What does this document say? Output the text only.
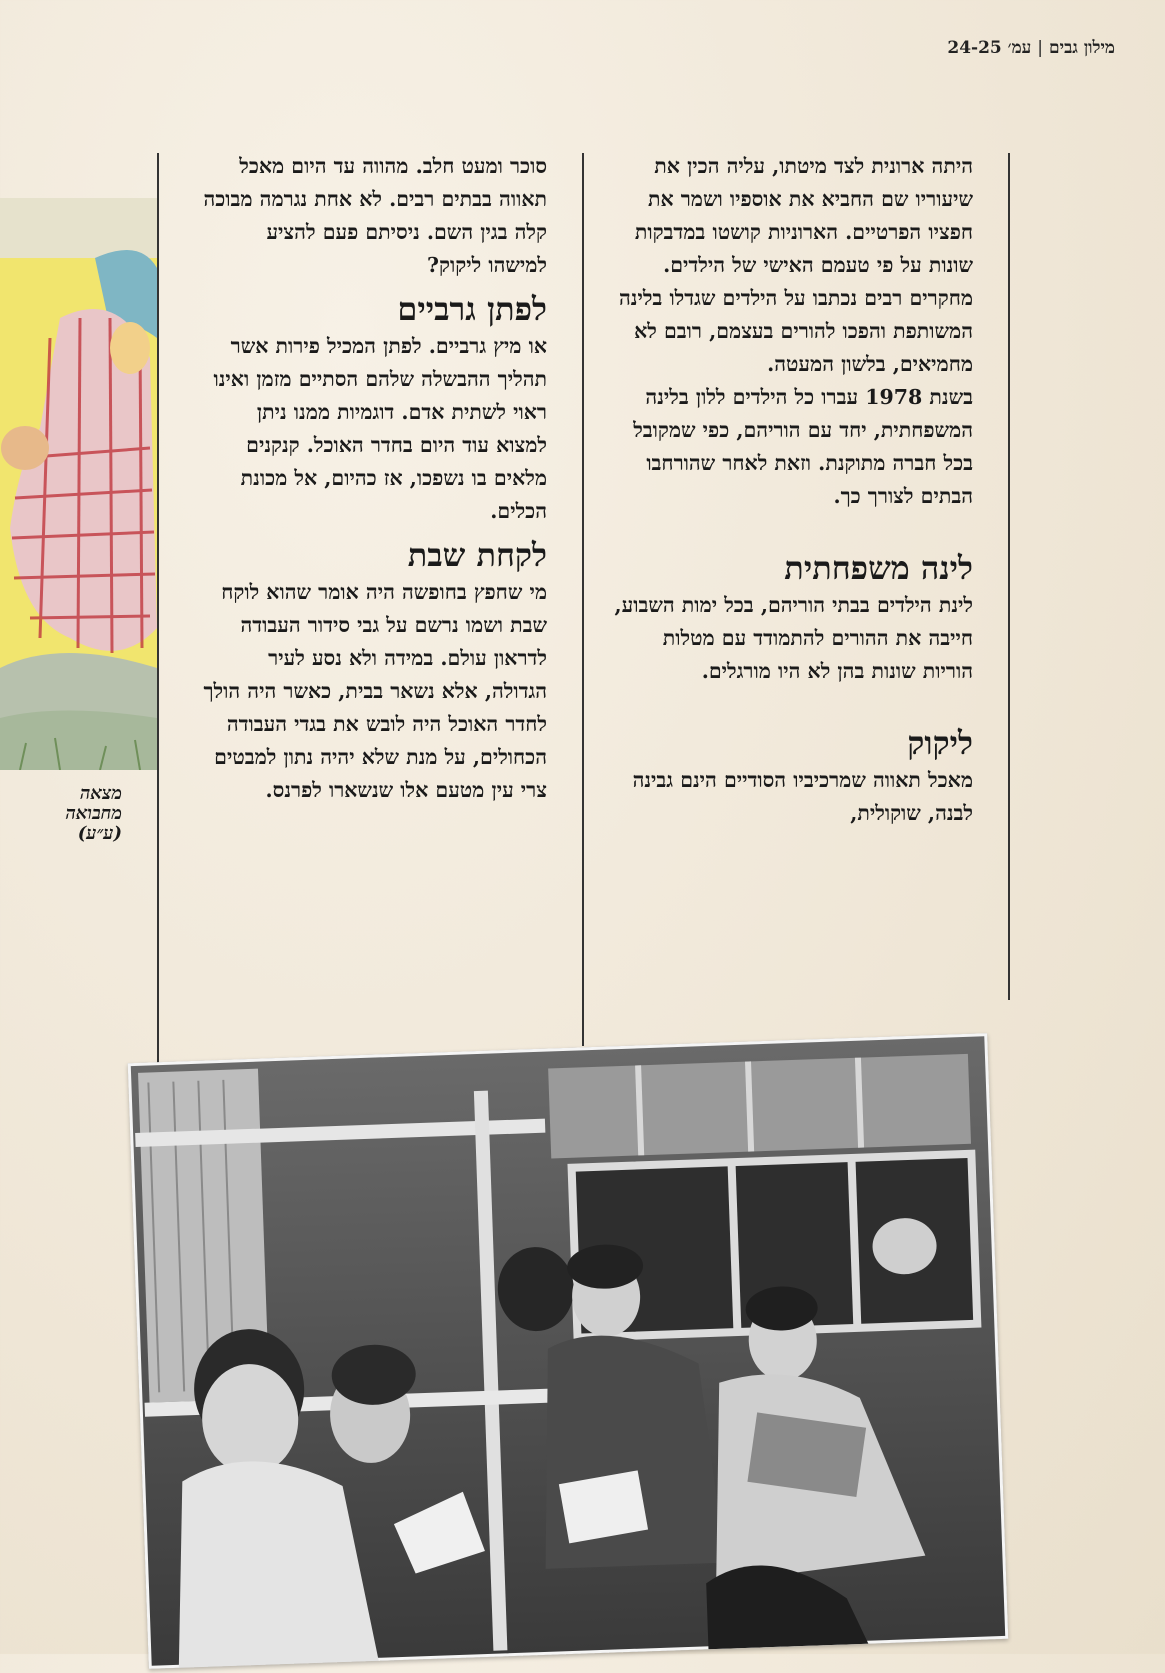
מילון גבים|עמ׳ 24-25

היתה ארונית לצד מיטתו, עליה הכין את שיעוריו שם החביא את אוספיו ושמר את חפציו הפרטיים. הארוניות קושטו במדבקות שונות על פי טעמם האישי של הילדים. מחקרים רבים נכתבו על הילדים שגדלו בלינה המשותפת והפכו להורים בעצמם, רובם לא מחמיאים, בלשון המעטה.

בשנת 1978 עברו כל הילדים ללון בלינה המשפחתית, יחד עם הוריהם, כפי שמקובל בכל חברה מתוקנת. וזאת לאחר שהורחבו הבתים לצורך כך.

לינה משפחתית

לינת הילדים בבתי הוריהם, בכל ימות השבוע, חייבה את ההורים להתמודד עם מטלות הוריות שונות בהן לא היו מורגלים.

ליקוק

מאכל תאווה שמרכיביו הסודיים הינם גבינה לבנה, שוקולית,

סוכר ומעט חלב. מהווה עד היום מאכל תאווה בבתים רבים. לא אחת נגרמה מבוכה קלה בגין השם. ניסיתם פעם להציע למישהו ליקוק?

לפתן גרביים

או מיץ גרביים. לפתן המכיל פירות אשר תהליך ההבשלה שלהם הסתיים מזמן ואינו ראוי לשתית אדם. דוגמיות ממנו ניתן למצוא עוד היום בחדר האוכל. קנקנים מלאים בו נשפכו, אז כהיום, אל מכונת הכלים.

לקחת שבת

מי שחפץ בחופשה היה אומר שהוא לוקח שבת ושמו נרשם על גבי סידור העבודה לדראון עולם. במידה ולא נסע לעיר הגדולה, אלא נשאר בבית, כאשר היה הולך לחדר האוכל היה לובש את בגדי העבודה הכחולים, על מנת שלא יהיה נתון למבטים צרי עין מטעם אלו שנשארו לפרנס.

מצאה
מחבואה
(ע״ע)
